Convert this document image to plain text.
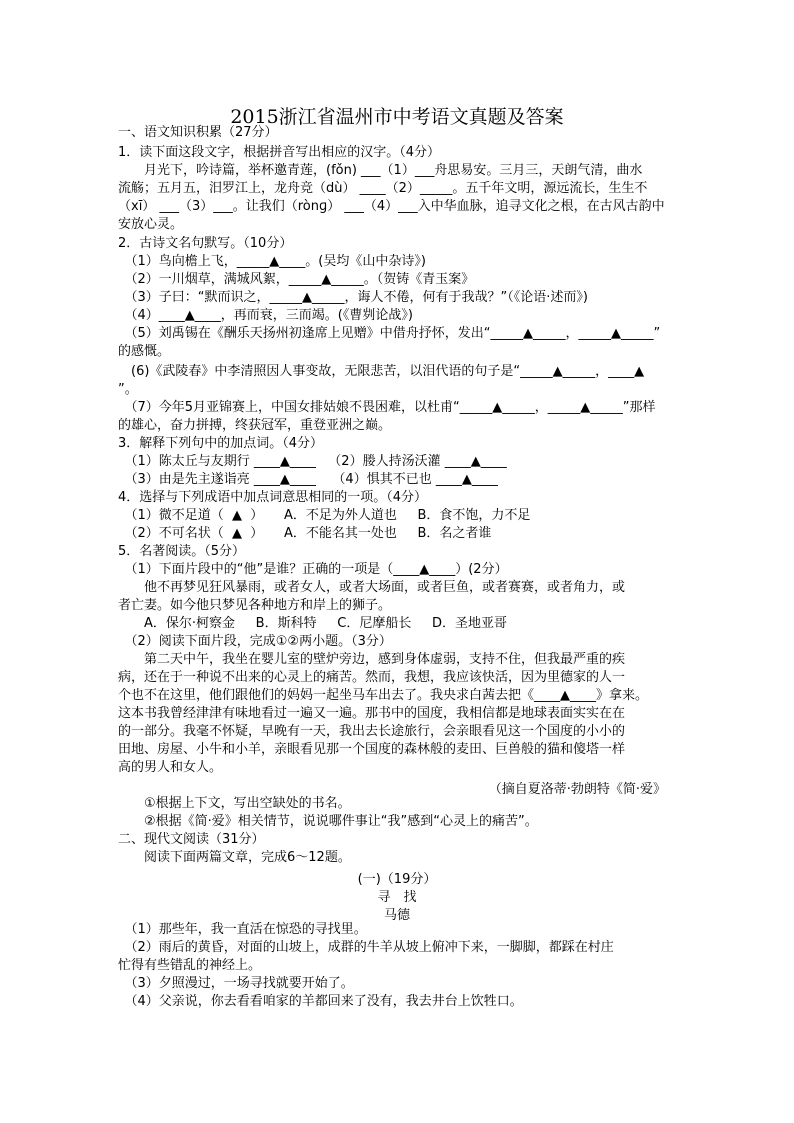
2015浙江省温州市中考语文真题及答案
一、语文知识积累（27分）
1．读下面这段文字，根据拼音写出相应的汉字。（4分）
　　月光下，吟诗篇，举杯邀青莲，(fǒn) ___（1）___舟思易安。三月三，天朗气清，曲水
流觞；五月五，汨罗江上，龙舟竞（dù） ____（2）_____。五千年文明，源远流长，生生不
（xī） ___（3）___。让我们（rònɡ） ___（4）___入中华血脉，追寻文化之根，在古风古韵中
安放心灵。
2．古诗文名句默写。（10分）
　（1）鸟向檐上飞，_____▲____。(吴均《山中杂诗》)
　（2）一川烟草，满城风絮，_____▲_____。（贺铸《青玉案》
　（3）子曰：“默而识之，_____▲_____，诲人不倦，何有于我哉？”（《论语·述而》)
　（4）____▲____，再而衰，三而竭。(《曹刿论战》)
　（5）刘禹锡在《酬乐天扬州初逢席上见赠》中借舟抒怀，发出“_____▲_____，_____▲_____”
的感慨。
　(6)《武陵春》中李清照因人事变故，无限悲苦，以泪代语的句子是“_____▲_____，____▲
”。
　（7）今年5月亚锦赛上，中国女排姑娘不畏困难，以杜甫“_____▲_____，_____▲_____”那样
的雄心，奋力拼搏，终获冠军，重登亚洲之巅。
3．解释下列句中的加点词。（4分）
　（1）陈太丘与友期行 ____▲____   （2）媵人持汤沃灌 ____▲____
　（3）由是先主遂诣亮 ____▲____    （4）惧其不已也 ____▲____
4．选择与下列成语中加点词意思相同的一项。（4分）
　（1）微不足道（  ▲  ）     A．不足为外人道也     B．食不饱，力不足
　（2）不可名状（  ▲  ）     A．不能名其一处也     B．名之者谁
5．名著阅读。（5分）
　（1）下面片段中的“他”是谁？正确的一项是（____▲____）(2分）
　　他不再梦见狂风暴雨，或者女人，或者大场面，或者巨鱼，或者赛赛，或者角力，或
者亡妻。如今他只梦见各种地方和岸上的狮子。
　　A．保尔·柯察金     B．斯科特     C．尼摩船长     D．圣地亚哥
　（2）阅读下面片段，完成①②两小题。（3分）
　　第二天中午，我坐在婴儿室的壁炉旁边，感到身体虚弱，支持不住，但我最严重的疾
病，还在于一种说不出来的心灵上的痛苦。然而，我想，我应该快活，因为里德家的人一
个也不在这里，他们跟他们的妈妈一起坐马车出去了。我央求白茜去把《____▲____》拿来。
这本书我曾经津津有味地看过一遍又一遍。那书中的国度，我相信都是地球表面实实在在
的一部分。我毫不怀疑，早晚有一天，我出去长途旅行，会亲眼看见这一个国度的小小的
田地、房屋、小牛和小羊，亲眼看见那一个国度的森林般的麦田、巨兽般的猫和傻塔一样
高的男人和女人。
（摘自夏洛蒂·勃朗特《简·爱》
　　①根据上下文，写出空缺处的书名。
　　②根据《简·爱》相关情节，说说哪件事让“我”感到“心灵上的痛苦”。
二、现代文阅读（31分）
　　阅读下面两篇文章，完成6～12题。
(一)（19分）
寻　找
马德
　（1）那些年，我一直活在惊恐的寻找里。
　（2）雨后的黄昏，对面的山坡上，成群的牛羊从坡上俯冲下来，一脚脚，都踩在村庄
忙得有些错乱的神经上。
　（3）夕照漫过，一场寻找就要开始了。
　（4）父亲说，你去看看咱家的羊都回来了没有，我去井台上饮牲口。
